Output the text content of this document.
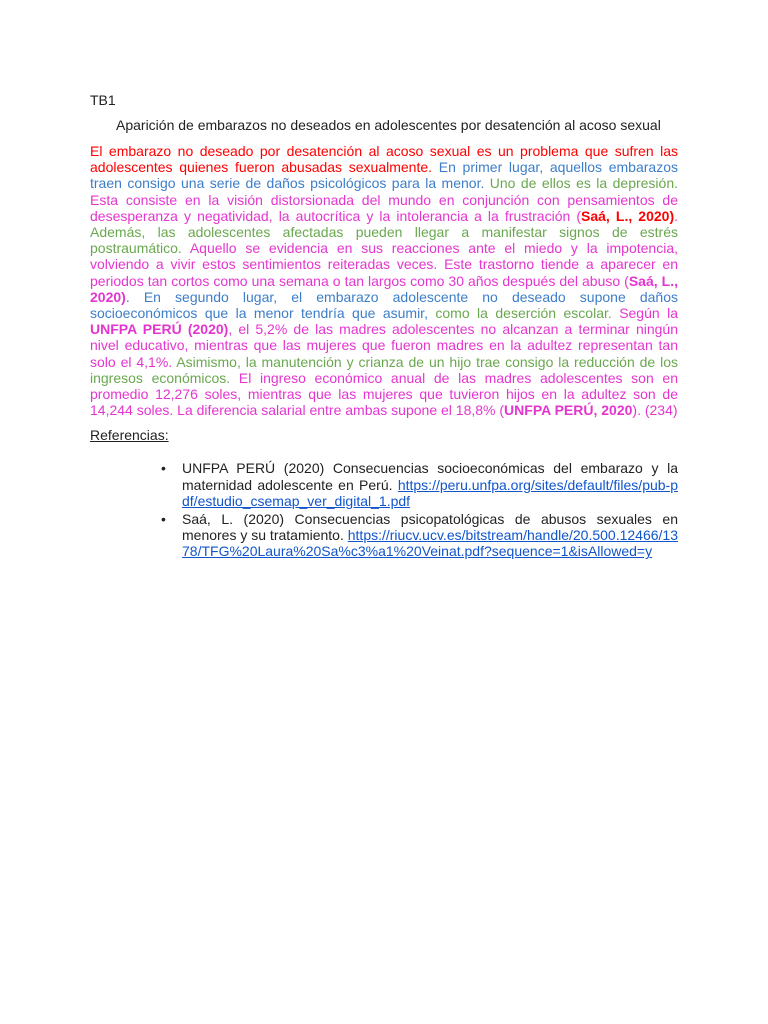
TB1

Aparición de embarazos no deseados en adolescentes por desatención al acoso sexual

El embarazo no deseado por desatención al acoso sexual es un problema que sufren las adolescentes quienes fueron abusadas sexualmente. En primer lugar, aquellos embarazos traen consigo una serie de daños psicológicos para la menor. Uno de ellos es la depresión. Esta consiste en la visión distorsionada del mundo en conjunción con pensamientos de desesperanza y negatividad, la autocrítica y la intolerancia a la frustración (Saá, L., 2020). Además, las adolescentes afectadas pueden llegar a manifestar signos de estrés postraumático. Aquello se evidencia en sus reacciones ante el miedo y la impotencia, volviendo a vivir estos sentimientos reiteradas veces. Este trastorno tiende a aparecer en periodos tan cortos como una semana o tan largos como 30 años después del abuso (Saá, L., 2020). En segundo lugar, el embarazo adolescente no deseado supone daños socioeconómicos que la menor tendría que asumir, como la deserción escolar. Según la UNFPA PERÚ (2020), el 5,2% de las madres adolescentes no alcanzan a terminar ningún nivel educativo, mientras que las mujeres que fueron madres en la adultez representan tan solo el 4,1%. Asimismo, la manutención y crianza de un hijo trae consigo la reducción de los ingresos económicos. El ingreso económico anual de las madres adolescentes son en promedio 12,276 soles, mientras que las mujeres que tuvieron hijos en la adultez son de 14,244 soles. La diferencia salarial entre ambas supone el 18,8% (UNFPA PERÚ, 2020). (234)

Referencias:

• UNFPA PERÚ (2020) Consecuencias socioeconómicas del embarazo y la maternidad adolescente en Perú. https://peru.unfpa.org/sites/default/files/pub-pdf/estudio_csemap_ver_digital_1.pdf
• Saá, L. (2020) Consecuencias psicopatológicas de abusos sexuales en menores y su tratamiento. https://riucv.ucv.es/bitstream/handle/20.500.12466/1378/TFG%20Laura%20Sa%c3%a1%20Veinat.pdf?sequence=1&isAllowed=y
